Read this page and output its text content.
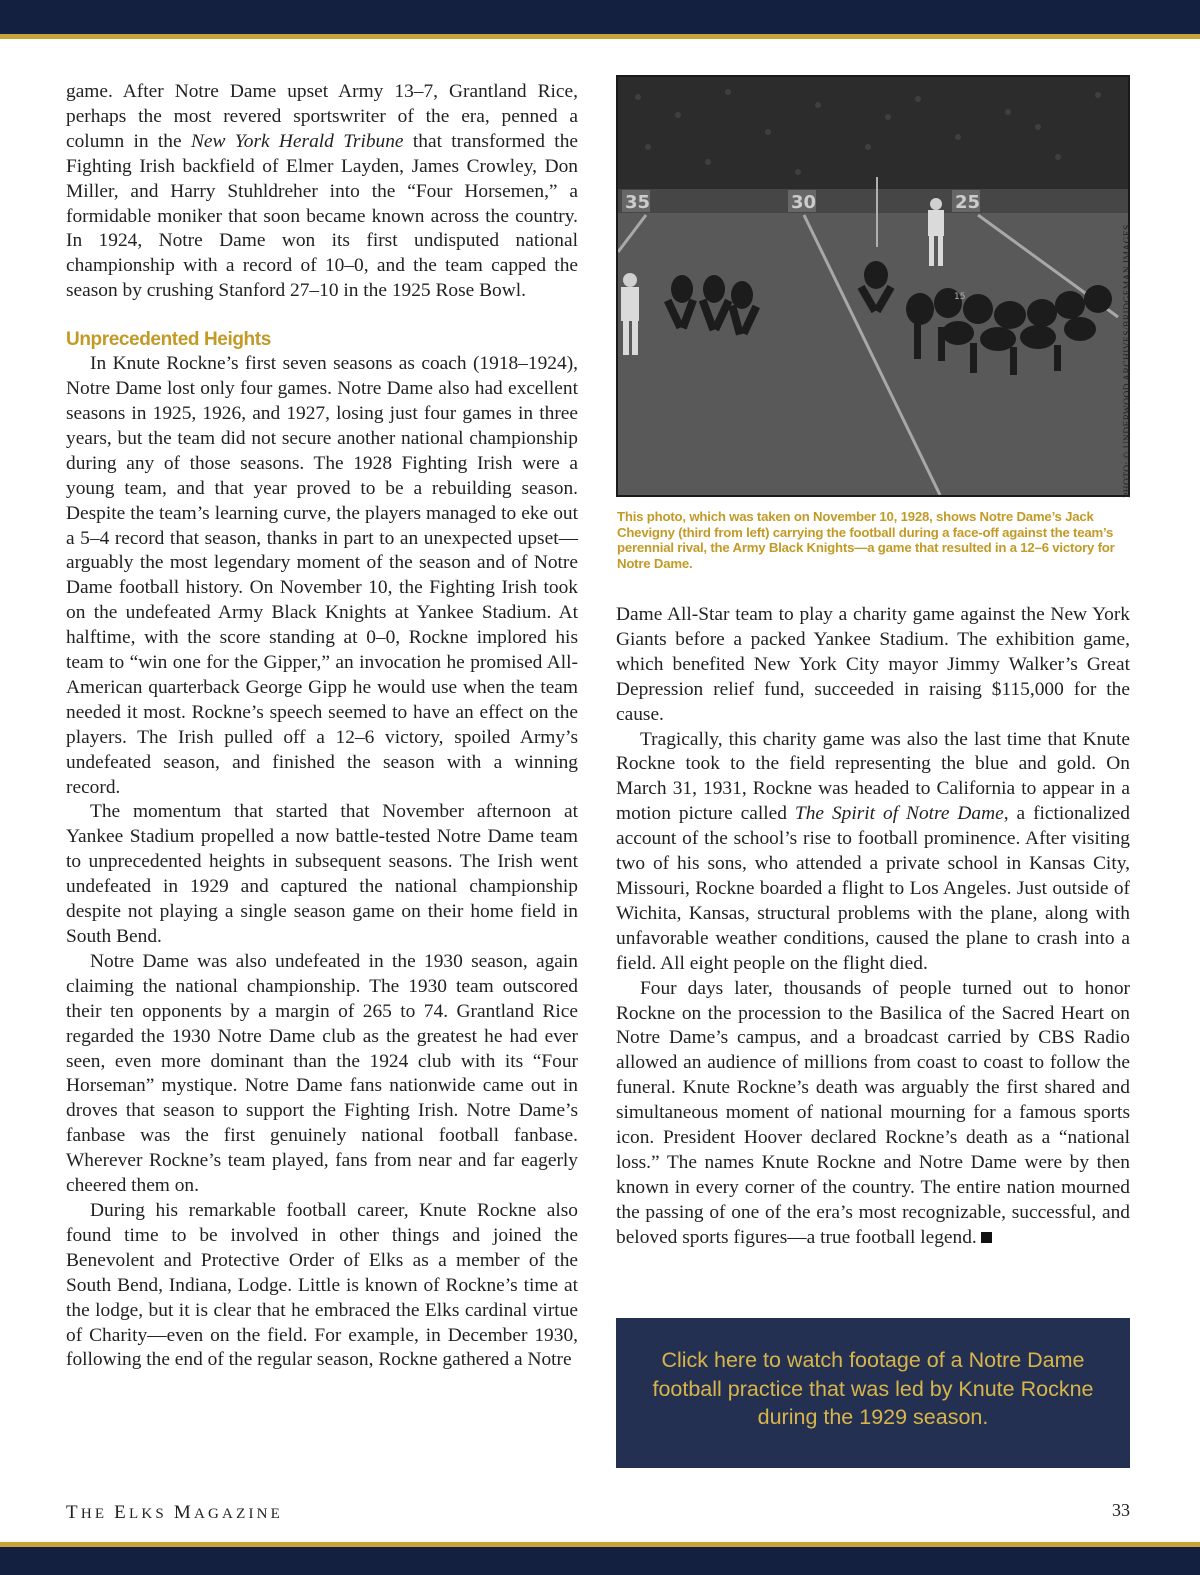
game. After Notre Dame upset Army 13–7, Grantland Rice, perhaps the most revered sportswriter of the era, penned a column in the New York Herald Tribune that transformed the Fighting Irish backfield of Elmer Layden, James Crowley, Don Miller, and Harry Stuhldreher into the “Four Horsemen,” a formidable moniker that soon became known across the country. In 1924, Notre Dame won its first undisputed national championship with a record of 10–0, and the team capped the season by crushing Stanford 27–10 in the 1925 Rose Bowl.

Unprecedented Heights

In Knute Rockne’s first seven seasons as coach (1918–1924), Notre Dame lost only four games. Notre Dame also had excellent seasons in 1925, 1926, and 1927, losing just four games in three years, but the team did not secure another national championship during any of those seasons. The 1928 Fighting Irish were a young team, and that year proved to be a rebuilding season. Despite the team’s learning curve, the players managed to eke out a 5–4 record that season, thanks in part to an unexpected upset—arguably the most legendary moment of the season and of Notre Dame football history. On November 10, the Fighting Irish took on the undefeated Army Black Knights at Yankee Stadium. At halftime, with the score standing at 0–0, Rockne implored his team to “win one for the Gipper,” an invocation he promised All-American quarterback George Gipp he would use when the team needed it most. Rockne’s speech seemed to have an effect on the players. The Irish pulled off a 12–6 victory, spoiled Army’s undefeated season, and finished the season with a winning record.

The momentum that started that November afternoon at Yankee Stadium propelled a now battle-tested Notre Dame team to unprecedented heights in subsequent seasons. The Irish went undefeated in 1929 and captured the national championship despite not playing a single season game on their home field in South Bend.

Notre Dame was also undefeated in the 1930 season, again claiming the national championship. The 1930 team outscored their ten opponents by a margin of 265 to 74. Grantland Rice regarded the 1930 Notre Dame club as the greatest he had ever seen, even more dominant than the 1924 club with its “Four Horseman” mystique. Notre Dame fans nationwide came out in droves that season to support the Fighting Irish. Notre Dame’s fanbase was the first genuinely national football fanbase. Wherever Rockne’s team played, fans from near and far eagerly cheered them on.

During his remarkable football career, Knute Rockne also found time to be involved in other things and joined the Benevolent and Protective Order of Elks as a member of the South Bend, Indiana, Lodge. Little is known of Rockne’s time at the lodge, but it is clear that he embraced the Elks cardinal virtue of Charity—even on the field. For example, in December 1930, following the end of the regular season, Rockne gathered a Notre

35	30	25
15	PHOTO: © UNDERWOOD ARCHIVES/BRIDGEMAN IMAGES
This photo, which was taken on November 10, 1928, shows Notre Dame’s Jack Chevigny (third from left) carrying the football during a face-off against the team’s perennial rival, the Army Black Knights—a game that resulted in a 12–6 victory for Notre Dame.

Dame All-Star team to play a charity game against the New York Giants before a packed Yankee Stadium. The exhibition game, which benefited New York City mayor Jimmy Walker’s Great Depression relief fund, succeeded in raising $115,000 for the cause.

Tragically, this charity game was also the last time that Knute Rockne took to the field representing the blue and gold. On March 31, 1931, Rockne was headed to California to appear in a motion picture called The Spirit of Notre Dame, a fictionalized account of the school’s rise to football prominence. After visiting two of his sons, who attended a private school in Kansas City, Missouri, Rockne boarded a flight to Los Angeles. Just outside of Wichita, Kansas, structural problems with the plane, along with unfavorable weather conditions, caused the plane to crash into a field. All eight people on the flight died.

Four days later, thousands of people turned out to honor Rockne on the procession to the Basilica of the Sacred Heart on Notre Dame’s campus, and a broadcast carried by CBS Radio allowed an audience of millions from coast to coast to follow the funeral. Knute Rockne’s death was arguably the first shared and simultaneous moment of national mourning for a famous sports icon. President Hoover declared Rockne’s death as a “national loss.” The names Knute Rockne and Notre Dame were by then known in every corner of the country. The entire nation mourned the passing of one of the era’s most recognizable, successful, and beloved sports figures—a true football legend.

Click here to watch footage of a Notre Dame football practice that was led by Knute Rockne during the 1929 season.
THE ELKS MAGAZINE	33
